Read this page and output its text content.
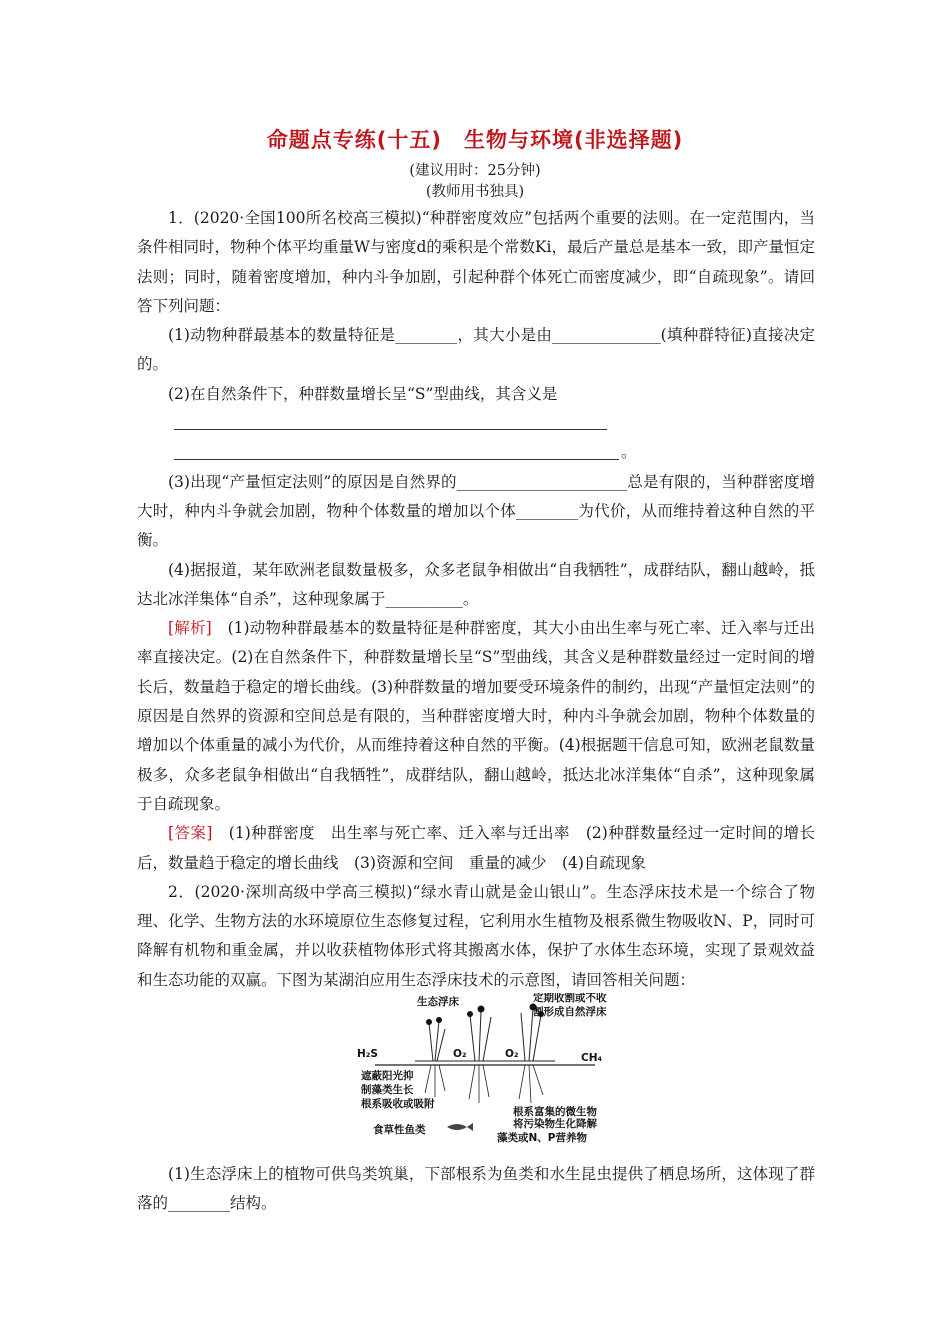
命题点专练(十五)　生物与环境(非选择题)
(建议用时：25分钟)
(教师用书独具)

1．(2020·全国100所名校高三模拟)“种群密度效应”包括两个重要的法则。在一定范围内，当条件相同时，物种个体平均重量W与密度d的乘积是个常数Ki，最后产量总是基本一致，即产量恒定法则；同时，随着密度增加，种内斗争加剧，引起种群个体死亡而密度减少，即“自疏现象”。请回答下列问题：

(1)动物种群最基本的数量特征是________，其大小是由______________(填种群特征)直接决定的。

(2)在自然条件下，种群数量增长呈“S”型曲线，其含义是

。

(3)出现“产量恒定法则”的原因是自然界的______________________总是有限的，当种群密度增大时，种内斗争就会加剧，物种个体数量的增加以个体________为代价，从而维持着这种自然的平衡。

(4)据报道，某年欧洲老鼠数量极多，众多老鼠争相做出“自我牺牲”，成群结队，翻山越岭，抵达北冰洋集体“自杀”，这种现象属于__________。

[解析]　(1)动物种群最基本的数量特征是种群密度，其大小由出生率与死亡率、迁入率与迁出率直接决定。(2)在自然条件下，种群数量增长呈“S”型曲线，其含义是种群数量经过一定时间的增长后，数量趋于稳定的增长曲线。(3)种群数量的增加要受环境条件的制约，出现“产量恒定法则”的原因是自然界的资源和空间总是有限的，当种群密度增大时，种内斗争就会加剧，物种个体数量的增加以个体重量的减小为代价，从而维持着这种自然的平衡。(4)根据题干信息可知，欧洲老鼠数量极多，众多老鼠争相做出“自我牺牲”，成群结队，翻山越岭，抵达北冰洋集体“自杀”，这种现象属于自疏现象。

[答案]　(1)种群密度　出生率与死亡率、迁入率与迁出率　(2)种群数量经过一定时间的增长后，数量趋于稳定的增长曲线　(3)资源和空间　重量的减少　(4)自疏现象

2．(2020·深圳高级中学高三模拟)“绿水青山就是金山银山”。生态浮床技术是一个综合了物理、化学、生物方法的水环境原位生态修复过程，它利用水生植物及根系微生物吸收N、P，同时可降解有机物和重金属，并以收获植物体形式将其搬离水体，保护了水体生态环境，实现了景观效益和生态功能的双赢。下图为某湖泊应用生态浮床技术的示意图，请回答相关问题：

生态浮床	定期收割或不收
割形成自然浮床
H₂S	O₂	O₂	CH₄
遮蔽阳光抑
制藻类生长
根系吸收或吸附
根系富集的微生物
将污染物生化降解
食草性鱼类
藻类或N、P营养物

(1)生态浮床上的植物可供鸟类筑巢，下部根系为鱼类和水生昆虫提供了栖息场所，这体现了群落的________结构。
